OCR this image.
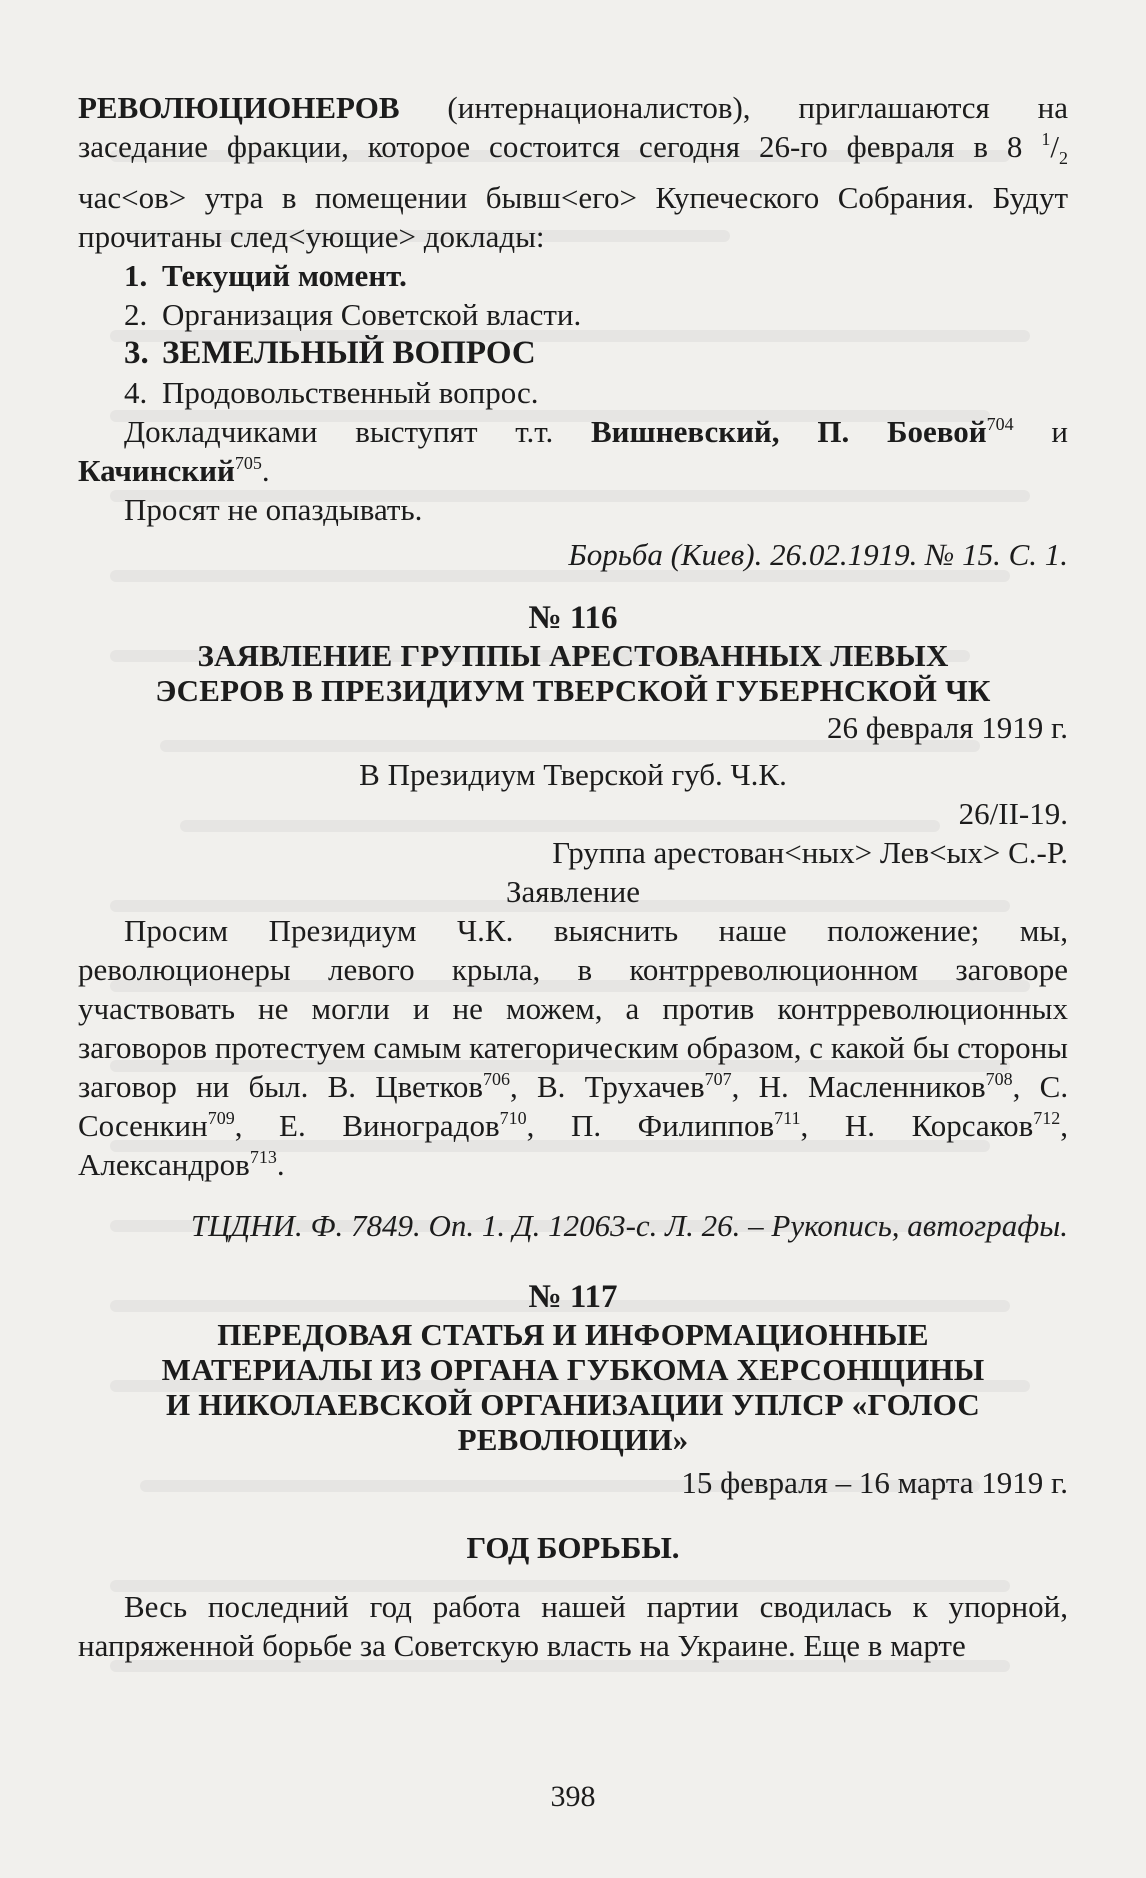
РЕВОЛЮЦИОНЕРОВ (интернационалистов), приглашаются на заседание фракции, которое состоится сегодня 26-го февраля в 8 $^1/_2$ час<ов> утра в помещении бывш<его> Купеческого Собрания. Будут прочитаны след<ующие> доклады:

1. Текущий момент.

2. Организация Советской власти.

3. ЗЕМЕЛЬНЫЙ ВОПРОС

4. Продовольственный вопрос.

Докладчиками выступят т.т. Вишневский, П. Боевой$^{704}$ и Качинский$^{705}$.

Просят не опаздывать.

Борьба (Киев). 26.02.1919. № 15. С. 1.

№ 116

ЗАЯВЛЕНИЕ ГРУППЫ АРЕСТОВАННЫХ ЛЕВЫХ
ЭСЕРОВ В ПРЕЗИДИУМ ТВЕРСКОЙ ГУБЕРНСКОЙ ЧК

26 февраля 1919 г.

В Президиум Тверской губ. Ч.К.

26/II-19.

Группа арестован<ных> Лев<ых> С.-Р.

Заявление

Просим Президиум Ч.К. выяснить наше положение; мы, революционеры левого крыла, в контрреволюционном заговоре участвовать не могли и не можем, а против контрреволюционных заговоров протестуем самым категорическим образом, с какой бы стороны заговор ни был. В. Цветков$^{706}$, В. Трухачев$^{707}$, Н. Масленников$^{708}$, С. Сосенкин$^{709}$, Е. Виноградов$^{710}$, П. Филиппов$^{711}$, Н. Корсаков$^{712}$, Александров$^{713}$.

ТЦДНИ. Ф. 7849. Оп. 1. Д. 12063-с. Л. 26. – Рукопись, автографы.

№ 117

ПЕРЕДОВАЯ СТАТЬЯ И ИНФОРМАЦИОННЫЕ
МАТЕРИАЛЫ ИЗ ОРГАНА ГУБКОМА ХЕРСОНЩИНЫ
И НИКОЛАЕВСКОЙ ОРГАНИЗАЦИИ УПЛСР «ГОЛОС
РЕВОЛЮЦИИ»

15 февраля – 16 марта 1919 г.

ГОД БОРЬБЫ.

Весь последний год работа нашей партии сводилась к упорной, напряженной борьбе за Советскую власть на Украине. Еще в марте

398
